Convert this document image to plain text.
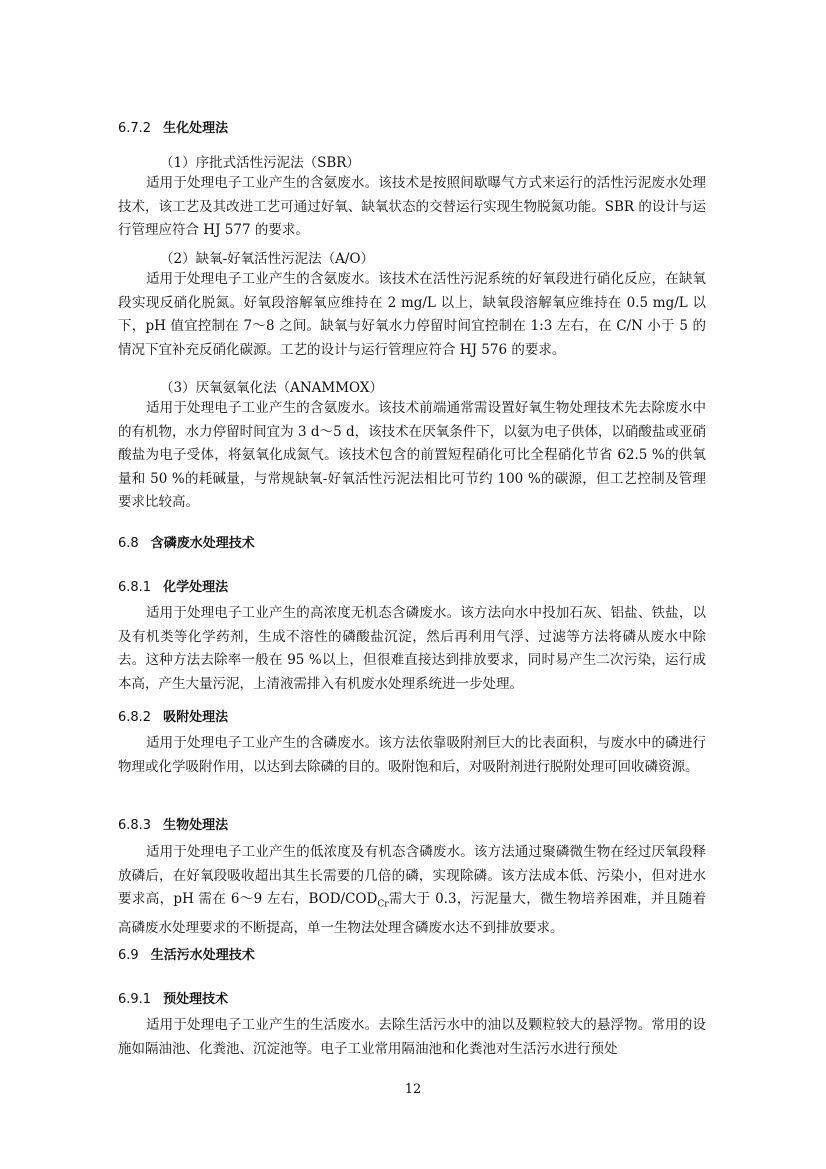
6.7.2 生化处理法
（1）序批式活性污泥法（SBR）

适用于处理电子工业产生的含氨废水。该技术是按照间歇曝气方式来运行的活性污泥废水处理技术，该工艺及其改进工艺可通过好氧、缺氧状态的交替运行实现生物脱氮功能。SBR 的设计与运行管理应符合 HJ 577 的要求。

（2）缺氧-好氧活性污泥法（A/O）

适用于处理电子工业产生的含氨废水。该技术在活性污泥系统的好氧段进行硝化反应，在缺氧段实现反硝化脱氮。好氧段溶解氧应维持在 2 mg/L 以上，缺氧段溶解氧应维持在 0.5 mg/L 以下，pH 值宜控制在 7～8 之间。缺氧与好氧水力停留时间宜控制在 1:3 左右，在 C/N 小于 5 的情况下宜补充反硝化碳源。工艺的设计与运行管理应符合 HJ 576 的要求。

（3）厌氧氨氧化法（ANAMMOX）

适用于处理电子工业产生的含氨废水。该技术前端通常需设置好氧生物处理技术先去除废水中的有机物，水力停留时间宜为 3 d～5 d，该技术在厌氧条件下，以氨为电子供体，以硝酸盐或亚硝酸盐为电子受体，将氨氧化成氮气。该技术包含的前置短程硝化可比全程硝化节省 62.5 %的供氧量和 50 %的耗碱量，与常规缺氧-好氧活性污泥法相比可节约 100 %的碳源，但工艺控制及管理要求比较高。

6.8 含磷废水处理技术
6.8.1 化学处理法

适用于处理电子工业产生的高浓度无机态含磷废水。该方法向水中投加石灰、铝盐、铁盐，以及有机类等化学药剂，生成不溶性的磷酸盐沉淀，然后再利用气浮、过滤等方法将磷从废水中除去。这种方法去除率一般在 95 %以上，但很难直接达到排放要求，同时易产生二次污染，运行成本高，产生大量污泥，上清液需排入有机废水处理系统进一步处理。

6.8.2 吸附处理法

适用于处理电子工业产生的含磷废水。该方法依靠吸附剂巨大的比表面积，与废水中的磷进行物理或化学吸附作用，以达到去除磷的目的。吸附饱和后，对吸附剂进行脱附处理可回收磷资源。

6.8.3 生物处理法

适用于处理电子工业产生的低浓度及有机态含磷废水。该方法通过聚磷微生物在经过厌氧段释放磷后，在好氧段吸收超出其生长需要的几倍的磷，实现除磷。该方法成本低、污染小，但对进水要求高，pH 需在 6～9 左右，BOD/$COD_{Cr}$需大于 0.3，污泥量大，微生物培养困难，并且随着高磷废水处理要求的不断提高，单一生物法处理含磷废水达不到排放要求。

6.9 生活污水处理技术
6.9.1 预处理技术

适用于处理电子工业产生的生活废水。去除生活污水中的油以及颗粒较大的悬浮物。常用的设施如隔油池、化粪池、沉淀池等。电子工业常用隔油池和化粪池对生活污水进行预处

12
